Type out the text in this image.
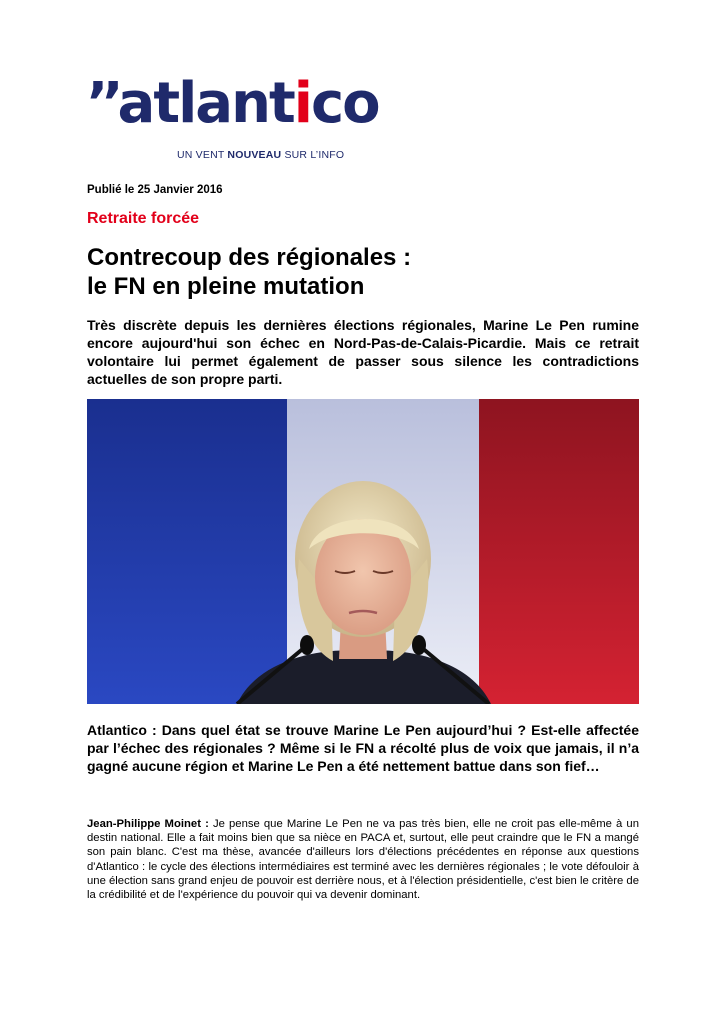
’’atlantico
UN VENT NOUVEAU SUR L’INFO
Publié le 25 Janvier 2016
Retraite forcée
Contrecoup des régionales :
le FN en pleine mutation

Très discrète depuis les dernières élections régionales, Marine Le Pen rumine encore aujourd'hui son échec en Nord-Pas-de-Calais-Picardie. Mais ce retrait volontaire lui permet également de passer sous silence les contradictions actuelles de son propre parti.

Atlantico : Dans quel état se trouve Marine Le Pen aujourd’hui ? Est-elle affectée par l’échec des régionales ? Même si le FN a récolté plus de voix que jamais, il n’a gagné aucune région et Marine Le Pen a été nettement battue dans son fief…

Jean-Philippe Moinet : Je pense que Marine Le Pen ne va pas très bien, elle ne croit pas elle-même à un destin national. Elle a fait moins bien que sa nièce en PACA et, surtout, elle peut craindre que le FN a mangé son pain blanc. C'est ma thèse, avancée d'ailleurs lors d'élections précédentes en réponse aux questions d'Atlantico : le cycle des élections intermédiaires est terminé avec les dernières régionales ; le vote défouloir à une élection sans grand enjeu de pouvoir est derrière nous, et à l'élection présidentielle, c'est bien le critère de la crédibilité et de l'expérience du pouvoir qui va devenir dominant.
